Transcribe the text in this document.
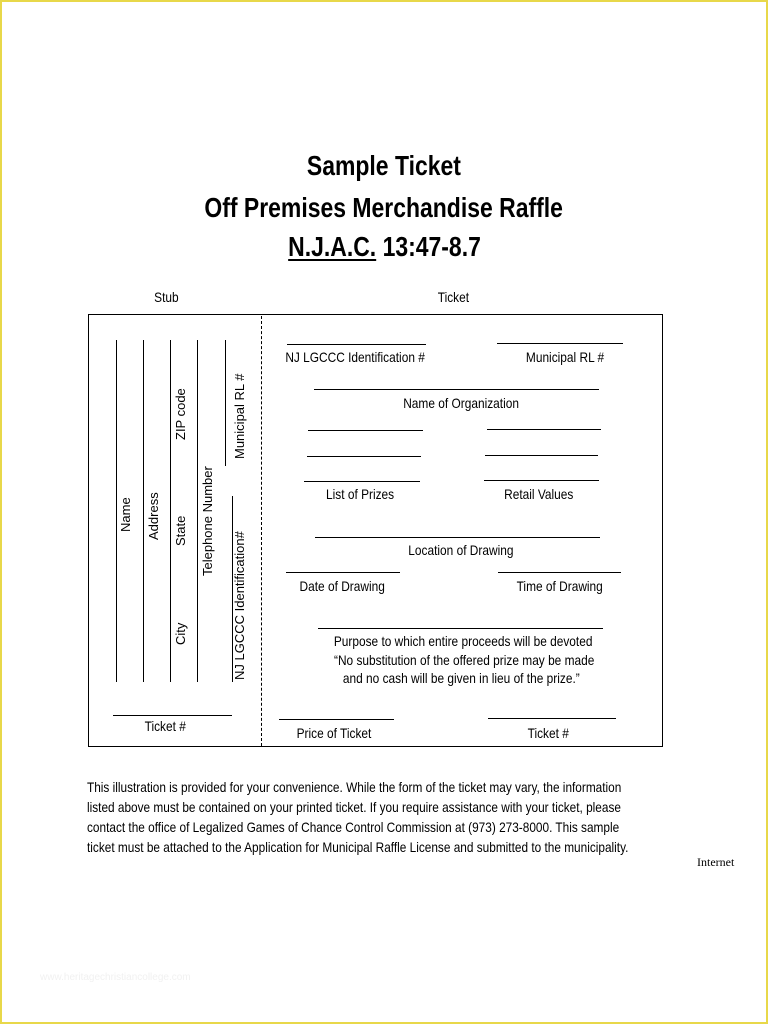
Sample Ticket
Off Premises Merchandise Raffle
N.J.A.C. 13:47-8.7
Stub	Ticket
Name Address State
ZIP code
City
Telephone Number
Municipal RL #
NJ LGCCC Identification#
Ticket #
NJ LGCCC Identification #	Municipal RL #
Name of Organization
List of Prizes	Retail Values
Location of Drawing
Date of Drawing	Time of Drawing
Purpose to which entire proceeds will be devoted
“No substitution of the offered prize may be made
and no cash will be given in lieu of the prize.”
Price of Ticket	Ticket #
This illustration is provided for your convenience. While the form of the ticket may vary, the information
listed above must be contained on your printed ticket. If you require assistance with your ticket, please
contact the office of Legalized Games of Chance Control Commission at (973) 273-8000. This sample
ticket must be attached to the Application for Municipal Raffle License and submitted to the municipality.
Internet
www.heritagechristiancollege.com
